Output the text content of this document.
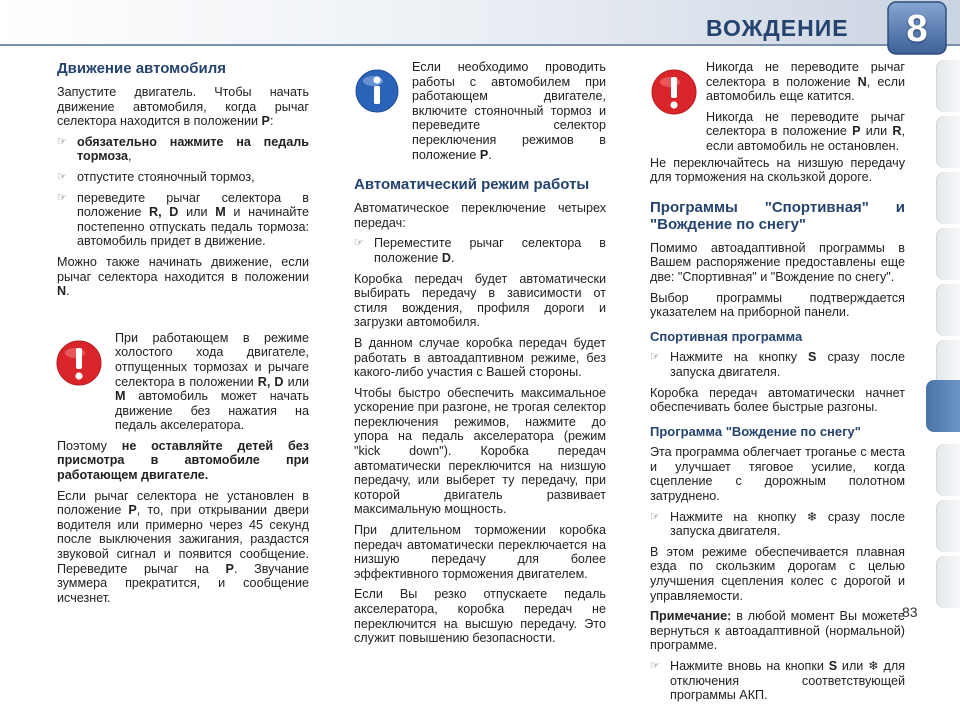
ВОЖДЕНИЕ	8
Движение автомобиля

Запустите двигатель. Чтобы начать движение автомобиля, когда рычаг селектора находится в положении P:

☞ обязательно нажмите на педаль тормоза,
☞ отпустите стояночный тормоз,
☞ переведите рычаг селектора в положение R, D или M и начинайте постепенно отпускать педаль тормоза: автомобиль придет в движение.

Можно также начинать движение, если рычаг селектора находится в положении N.

При работающем в режиме холостого хода двигателе, отпущенных тормозах и рычаге селектора в положении R, D или M автомобиль может начать движение без нажатия на педаль акселератора.

Поэтому не оставляйте детей без присмотра в автомобиле при работающем двигателе.

Если рычаг селектора не установлен в положение P, то, при открывании двери водителя или примерно через 45 секунд после выключения зажигания, раздастся звуковой сигнал и появится сообщение. Переведите рычаг на P. Звучание зуммера прекратится, и сообщение исчезнет.

Если необходимо проводить работы с автомобилем при работающем двигателе, включите стояночный тормоз и переведите селектор переключения режимов в положение P.

Автоматический режим работы

Автоматическое переключение четырех передач:

☞ Переместите рычаг селектора в положение D.

Коробка передач будет автоматически выбирать передачу в зависимости от стиля вождения, профиля дороги и загрузки автомобиля.

В данном случае коробка передач будет работать в автоадаптивном режиме, без какого-либо участия с Вашей стороны.

Чтобы быстро обеспечить максимальное ускорение при разгоне, не трогая селектор переключения режимов, нажмите до упора на педаль акселератора (режим "kick down"). Коробка передач автоматически переключится на низшую передачу, или выберет ту передачу, при которой двигатель развивает максимальную мощность.

При длительном торможении коробка передач автоматически переключается на низшую передачу для более эффективного торможения двигателем.

Если Вы резко отпускаете педаль акселератора, коробка передач не переключится на высшую передачу. Это служит повышению безопасности.

Никогда не переводите рычаг селектора в положение N, если автомобиль еще катится.

Никогда не переводите рычаг селектора в положение P или R, если автомобиль не остановлен.

Не переключайтесь на низшую передачу для торможения на скользкой дороге.

Программы "Спортивная" и "Вождение по снегу"

Помимо автоадаптивной программы в Вашем распоряжение предоставлены еще две: "Спортивная" и "Вождение по снегу".

Выбор программы подтверждается указателем на приборной панели.

Спортивная программа
☞ Нажмите на кнопку S сразу после запуска двигателя.

Коробка передач автоматически начнет обеспечивать более быстрые разгоны.

Программа "Вождение по снегу"

Эта программа облегчает троганье с места и улучшает тяговое усилие, когда сцепление с дорожным полотном затруднено.

☞ Нажмите на кнопку ❄ сразу после запуска двигателя.

В этом режиме обеспечивается плавная езда по скользким дорогам с целью улучшения сцепления колес с дорогой и управляемости.

Примечание: в любой момент Вы можете вернуться к автоадаптивной (нормальной) программе.

☞ Нажмите вновь на кнопки S или ❄ для отключения соответствующей программы АКП.
83
